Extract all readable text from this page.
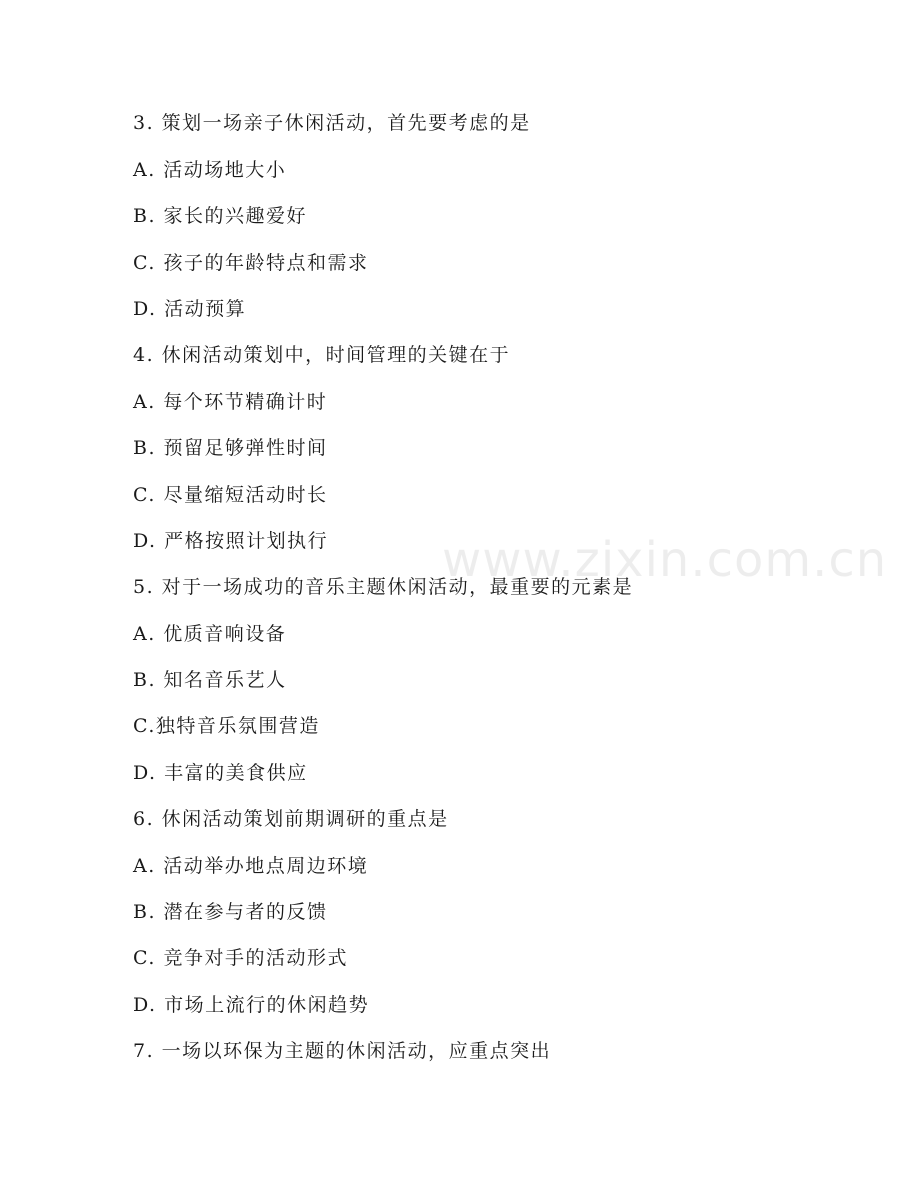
3. 策划一场亲子休闲活动，首先要考虑的是
A. 活动场地大小
B. 家长的兴趣爱好
C. 孩子的年龄特点和需求
D. 活动预算
4. 休闲活动策划中，时间管理的关键在于
A. 每个环节精确计时
B. 预留足够弹性时间
C. 尽量缩短活动时长
D. 严格按照计划执行
5. 对于一场成功的音乐主题休闲活动，最重要的元素是
A. 优质音响设备
B. 知名音乐艺人
C.独特音乐氛围营造
D. 丰富的美食供应
6. 休闲活动策划前期调研的重点是
A. 活动举办地点周边环境
B. 潜在参与者的反馈
C. 竞争对手的活动形式
D. 市场上流行的休闲趋势
7. 一场以环保为主题的休闲活动，应重点突出
www.zixin.com.cn
